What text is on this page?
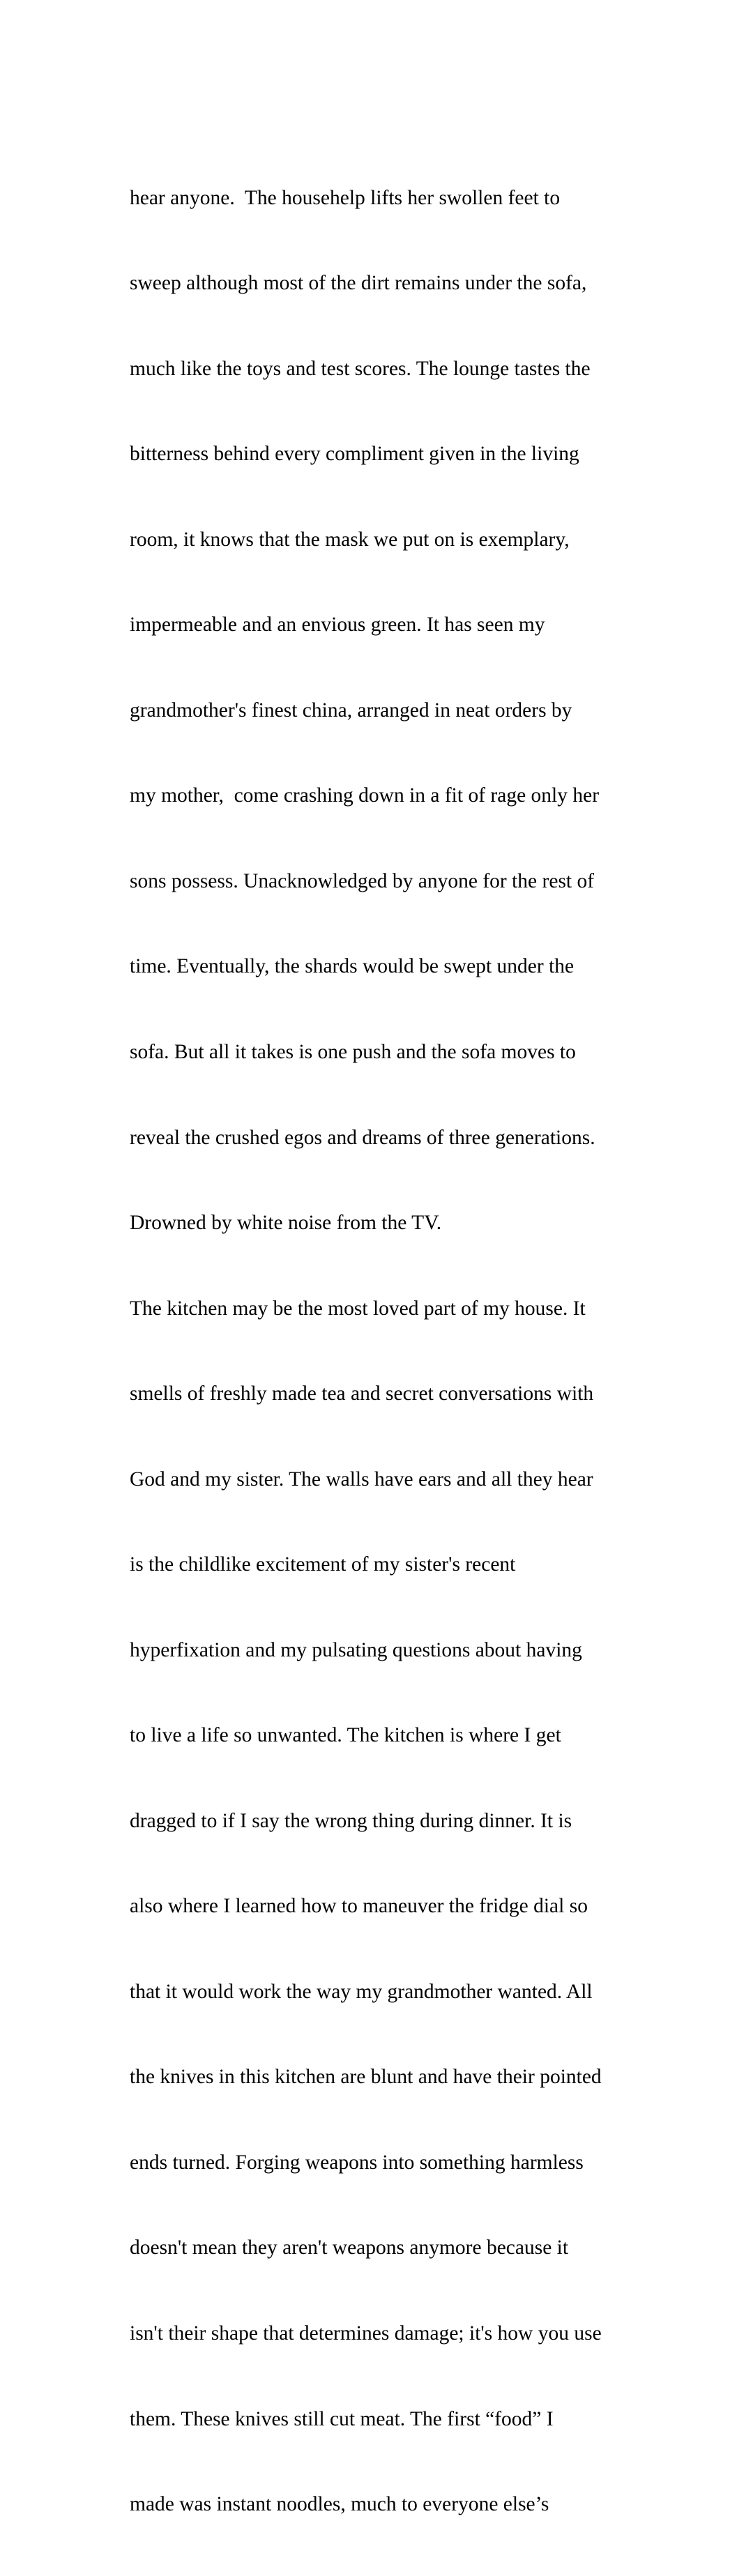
hear anyone.  The househelp lifts her swollen feet to

sweep although most of the dirt remains under the sofa,

much like the toys and test scores. The lounge tastes the

bitterness behind every compliment given in the living

room, it knows that the mask we put on is exemplary,

impermeable and an envious green. It has seen my

grandmother's finest china, arranged in neat orders by

my mother,  come crashing down in a fit of rage only her

sons possess. Unacknowledged by anyone for the rest of

time. Eventually, the shards would be swept under the

sofa. But all it takes is one push and the sofa moves to

reveal the crushed egos and dreams of three generations.

Drowned by white noise from the TV.

The kitchen may be the most loved part of my house. It

smells of freshly made tea and secret conversations with

God and my sister. The walls have ears and all they hear

is the childlike excitement of my sister's recent

hyperfixation and my pulsating questions about having

to live a life so unwanted. The kitchen is where I get

dragged to if I say the wrong thing during dinner. It is

also where I learned how to maneuver the fridge dial so

that it would work the way my grandmother wanted. All

the knives in this kitchen are blunt and have their pointed

ends turned. Forging weapons into something harmless

doesn't mean they aren't weapons anymore because it

isn't their shape that determines damage; it's how you use

them. These knives still cut meat. The first “food” I

made was instant noodles, much to everyone else’s
